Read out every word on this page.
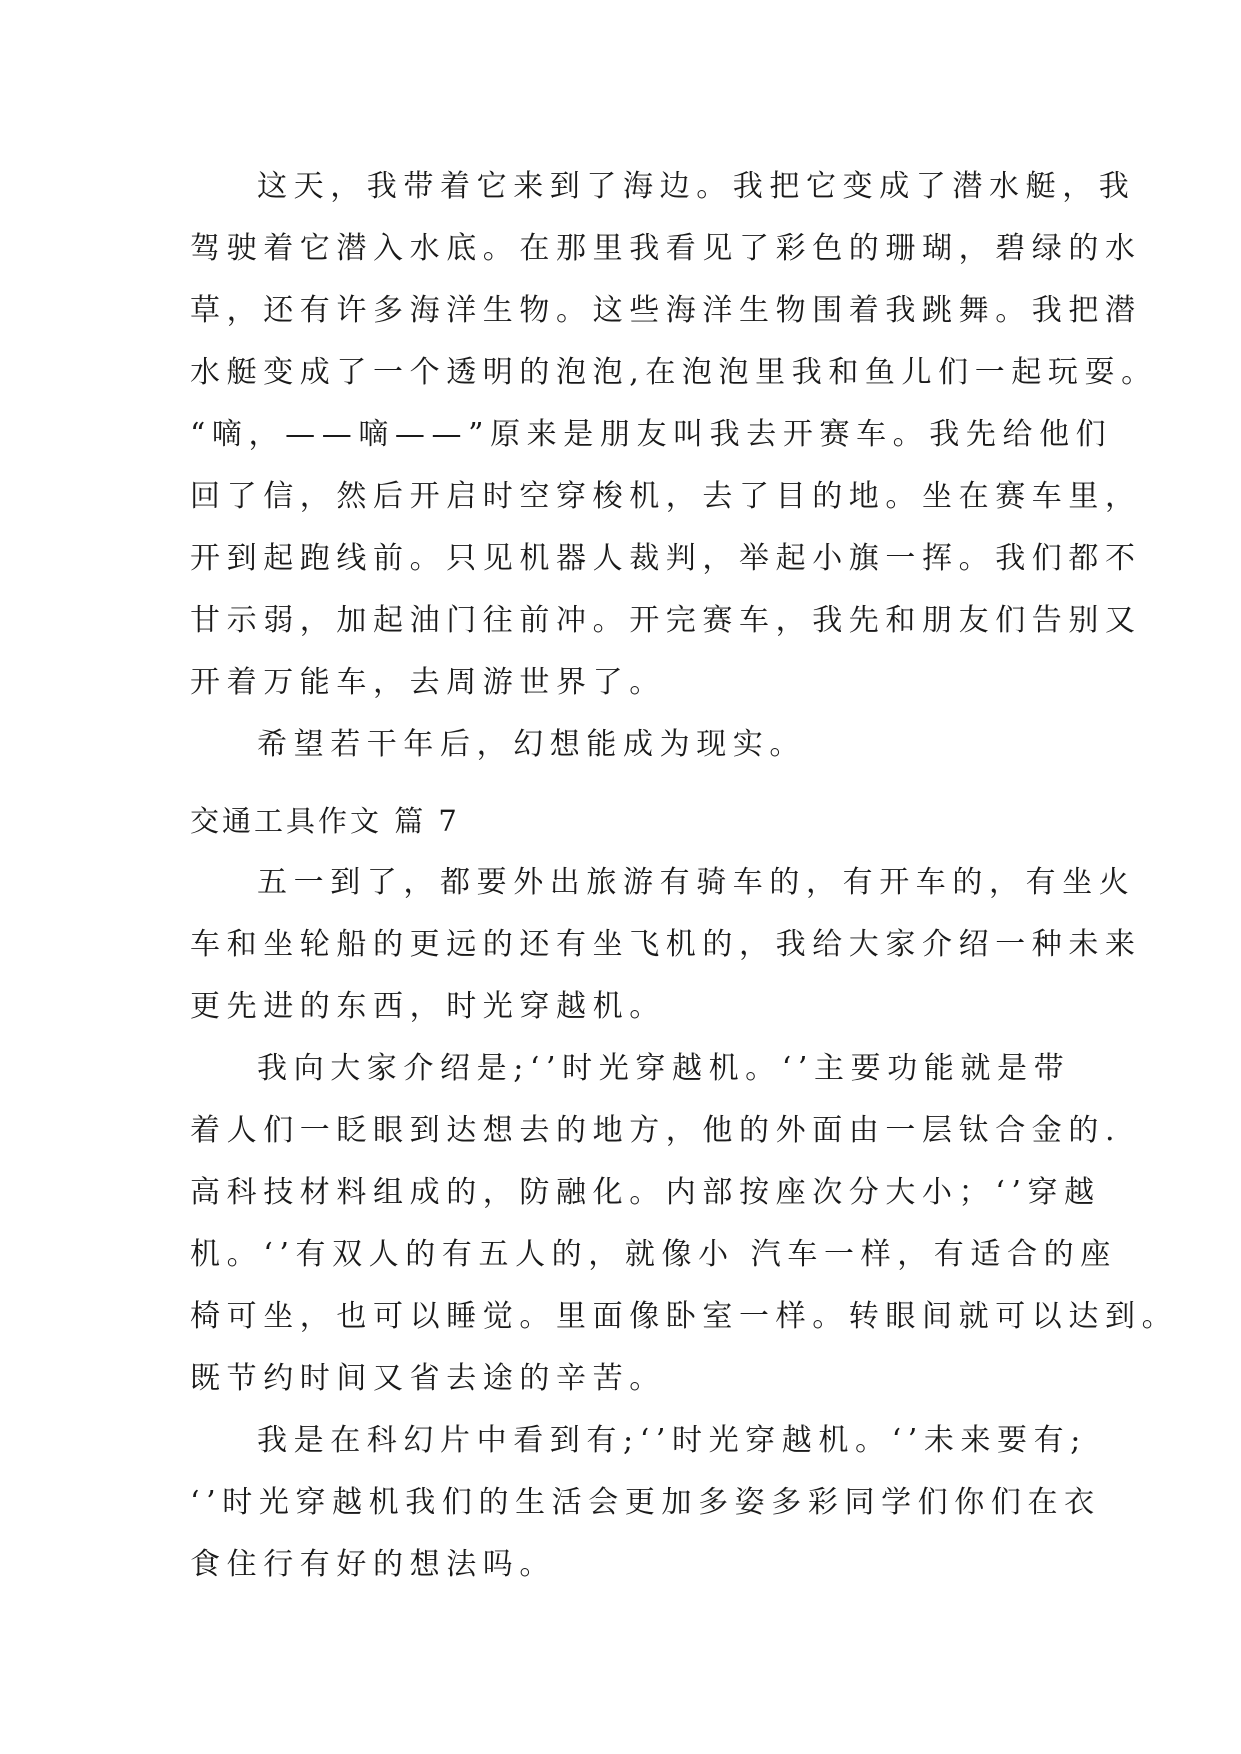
这天，我带着它来到了海边。我把它变成了潜水艇，我
驾驶着它潜入水底。在那里我看见了彩色的珊瑚，碧绿的水
草，还有许多海洋生物。这些海洋生物围着我跳舞。我把潜
水艇变成了一个透明的泡泡,在泡泡里我和鱼儿们一起玩耍。
“嘀，——嘀——”原来是朋友叫我去开赛车。我先给他们
回了信，然后开启时空穿梭机，去了目的地。坐在赛车里，
开到起跑线前。只见机器人裁判，举起小旗一挥。我们都不
甘示弱，加起油门往前冲。开完赛车，我先和朋友们告别又
开着万能车，去周游世界了。
希望若干年后，幻想能成为现实。
交通工具作文 篇 7
五一到了，都要外出旅游有骑车的，有开车的，有坐火
车和坐轮船的更远的还有坐飞机的，我给大家介绍一种未来
更先进的东西，时光穿越机。
我向大家介绍是;‘’时光穿越机。‘’主要功能就是带
着人们一眨眼到达想去的地方，他的外面由一层钛合金的.
高科技材料组成的，防融化。内部按座次分大小；‘’穿越
机。‘’有双人的有五人的，就像小 汽车一样，有适合的座
椅可坐，也可以睡觉。里面像卧室一样。转眼间就可以达到。
既节约时间又省去途的辛苦。
我是在科幻片中看到有;‘’时光穿越机。‘’未来要有;
‘’时光穿越机我们的生活会更加多姿多彩同学们你们在衣
食住行有好的想法吗。
